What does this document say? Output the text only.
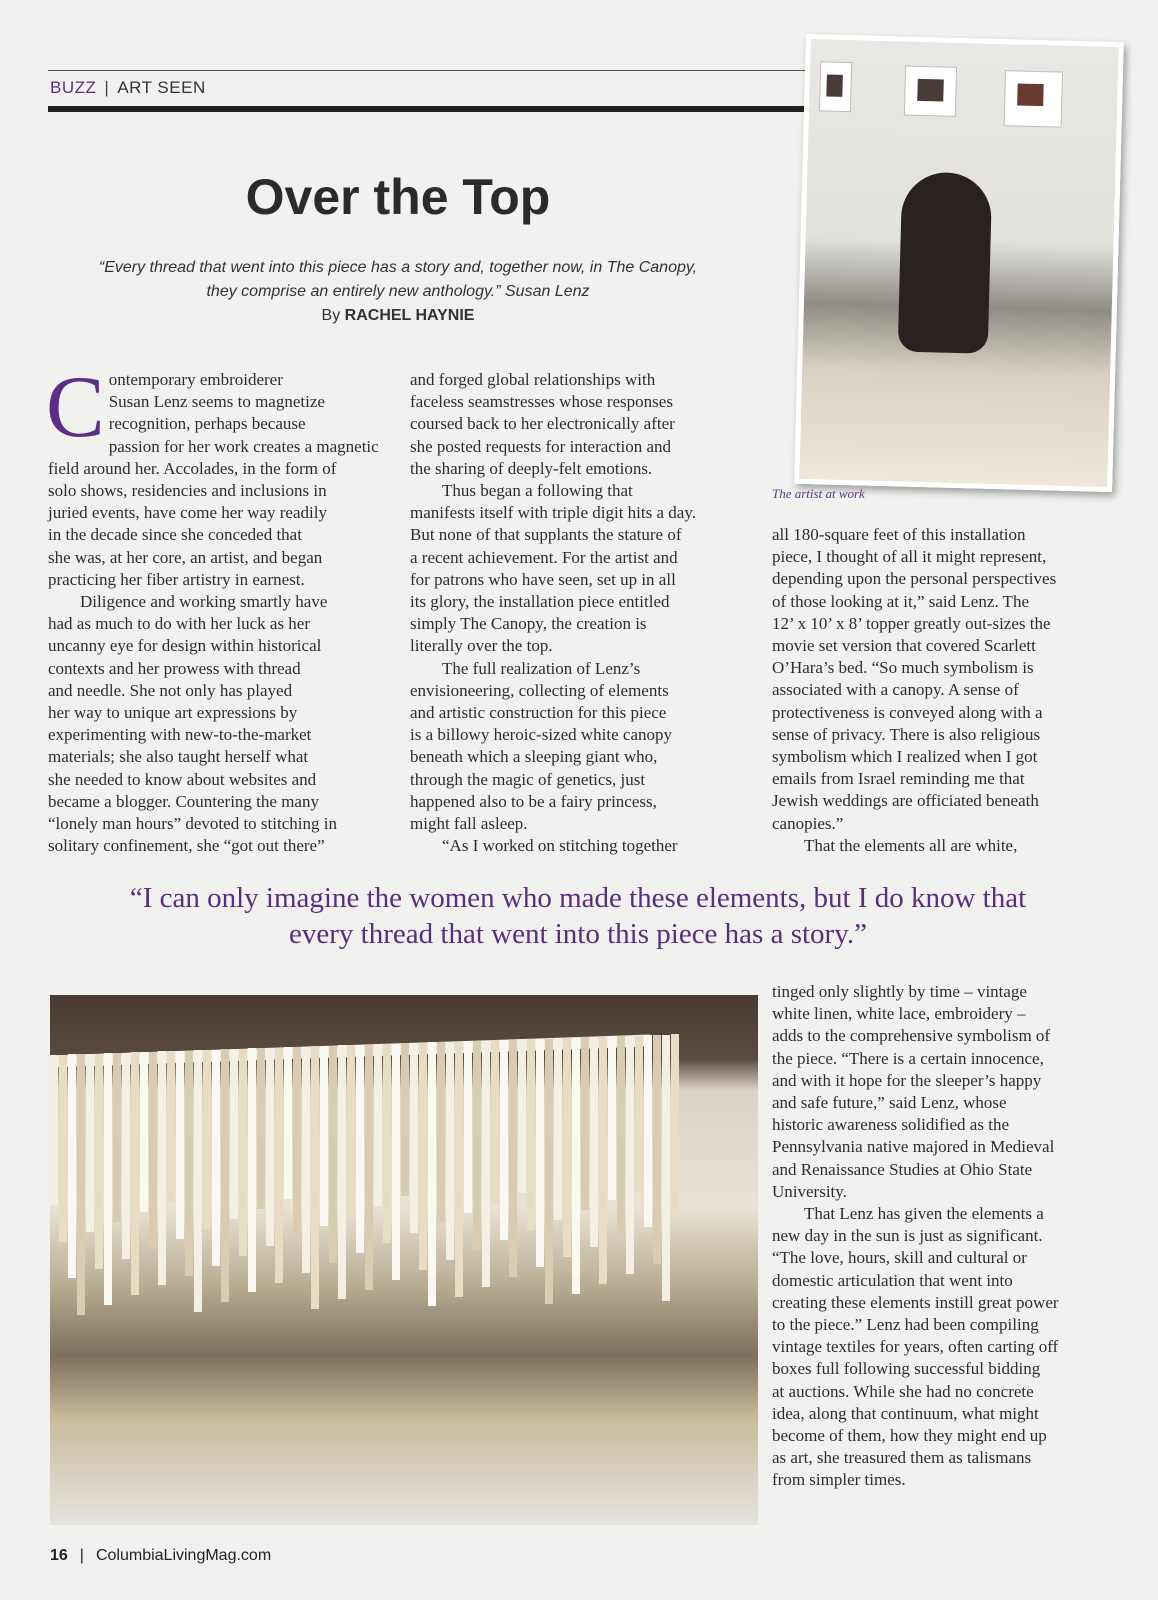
BUZZ | ART SEEN
Over the Top
“Every thread that went into this piece has a story and, together now, in The Canopy,
they comprise an entirely new anthology.” Susan Lenz
By RACHEL HAYNIE
The artist at work
C ontemporary embroiderer
Susan Lenz seems to magnetize
recognition, perhaps because
passion for her work creates a magnetic
field around her. Accolades, in the form of
solo shows, residencies and inclusions in
juried events, have come her way readily
in the decade since she conceded that
she was, at her core, an artist, and began
practicing her fiber artistry in earnest.
Diligence and working smartly have
had as much to do with her luck as her
uncanny eye for design within historical
contexts and her prowess with thread
and needle. She not only has played
her way to unique art expressions by
experimenting with new-to-the-market
materials; she also taught herself what
she needed to know about websites and
became a blogger. Countering the many
“lonely man hours” devoted to stitching in
solitary confinement, she “got out there”
and forged global relationships with
faceless seamstresses whose responses
coursed back to her electronically after
she posted requests for interaction and
the sharing of deeply-felt emotions.
Thus began a following that
manifests itself with triple digit hits a day.
But none of that supplants the stature of
a recent achievement. For the artist and
for patrons who have seen, set up in all
its glory, the installation piece entitled
simply The Canopy, the creation is
literally over the top.
The full realization of Lenz’s
envisioneering, collecting of elements
and artistic construction for this piece
is a billowy heroic-sized white canopy
beneath which a sleeping giant who,
through the magic of genetics, just
happened also to be a fairy princess,
might fall asleep.
“As I worked on stitching together
all 180-square feet of this installation
piece, I thought of all it might represent,
depending upon the personal perspectives
of those looking at it,” said Lenz. The
12’ x 10’ x 8’ topper greatly out-sizes the
movie set version that covered Scarlett
O’Hara’s bed. “So much symbolism is
associated with a canopy. A sense of
protectiveness is conveyed along with a
sense of privacy. There is also religious
symbolism which I realized when I got
emails from Israel reminding me that
Jewish weddings are officiated beneath
canopies.”
That the elements all are white,
“I can only imagine the women who made these elements, but I do know that
every thread that went into this piece has a story.”
tinged only slightly by time – vintage
white linen, white lace, embroidery –
adds to the comprehensive symbolism of
the piece. “There is a certain innocence,
and with it hope for the sleeper’s happy
and safe future,” said Lenz, whose
historic awareness solidified as the
Pennsylvania native majored in Medieval
and Renaissance Studies at Ohio State
University.
That Lenz has given the elements a
new day in the sun is just as significant.
“The love, hours, skill and cultural or
domestic articulation that went into
creating these elements instill great power
to the piece.” Lenz had been compiling
vintage textiles for years, often carting off
boxes full following successful bidding
at auctions. While she had no concrete
idea, along that continuum, what might
become of them, how they might end up
as art, she treasured them as talismans
from simpler times.
16 | ColumbiaLivingMag.com
